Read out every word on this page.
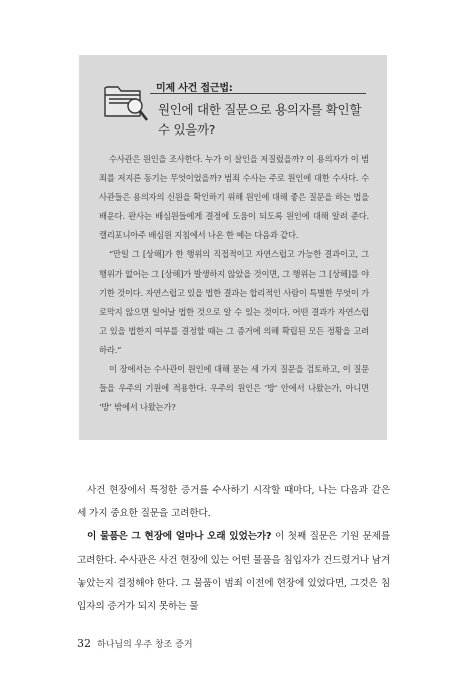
미제 사건 접근법:
원인에 대한 질문으로 용의자를 확인할 수 있을까?

수사관은 원인을 조사한다. 누가 이 살인을 저질렀을까? 이 용의자가 이 범죄를 저지른 동기는 무엇이었을까? 범죄 수사는 주로 원인에 대한 수사다. 수사관들은 용의자의 신원을 확인하기 위해 원인에 대해 좋은 질문을 하는 법을 배운다. 판사는 배심원들에게 결정에 도움이 되도록 원인에 대해 알려 준다. 캘리포니아주 배심원 지침에서 나온 한 예는 다음과 같다.

“만일 그 [상해]가 한 행위의 직접적이고 자연스럽고 가능한 결과이고, 그 행위가 없어는 그 [상해]가 발생하지 않았을 것이면, 그 행위는 그 [상해]를 야기한 것이다. 자연스럽고 있을 법한 결과는 합리적인 사람이 특별한 무엇이 가로막지 않으면 일어날 법한 것으로 알 수 있는 것이다. 어떤 결과가 자연스럽고 있을 법한지 여부를 결정할 때는 그 증거에 의해 확립된 모든 정황을 고려하라.”

이 장에서는 수사관이 원인에 대해 묻는 세 가지 질문을 검토하고, 이 질문들을 우주의 기원에 적용한다. 우주의 원인은 ‘방’ 안에서 나왔는가, 아니면 ‘방’ 밖에서 나왔는가?

사건 현장에서 특정한 증거를 수사하기 시작할 때마다, 나는 다음과 같은 세 가지 중요한 질문을 고려한다.

이 물품은 그 현장에 얼마나 오래 있었는가? 이 첫째 질문은 기원 문제를 고려한다. 수사관은 사건 현장에 있는 어떤 물품을 침입자가 건드렸거나 남겨 놓았는지 결정해야 한다. 그 물품이 범죄 이전에 현장에 있었다면, 그것은 침입자의 증거가 되지 못하는 물

32 하나님의 우주 창조 증거
